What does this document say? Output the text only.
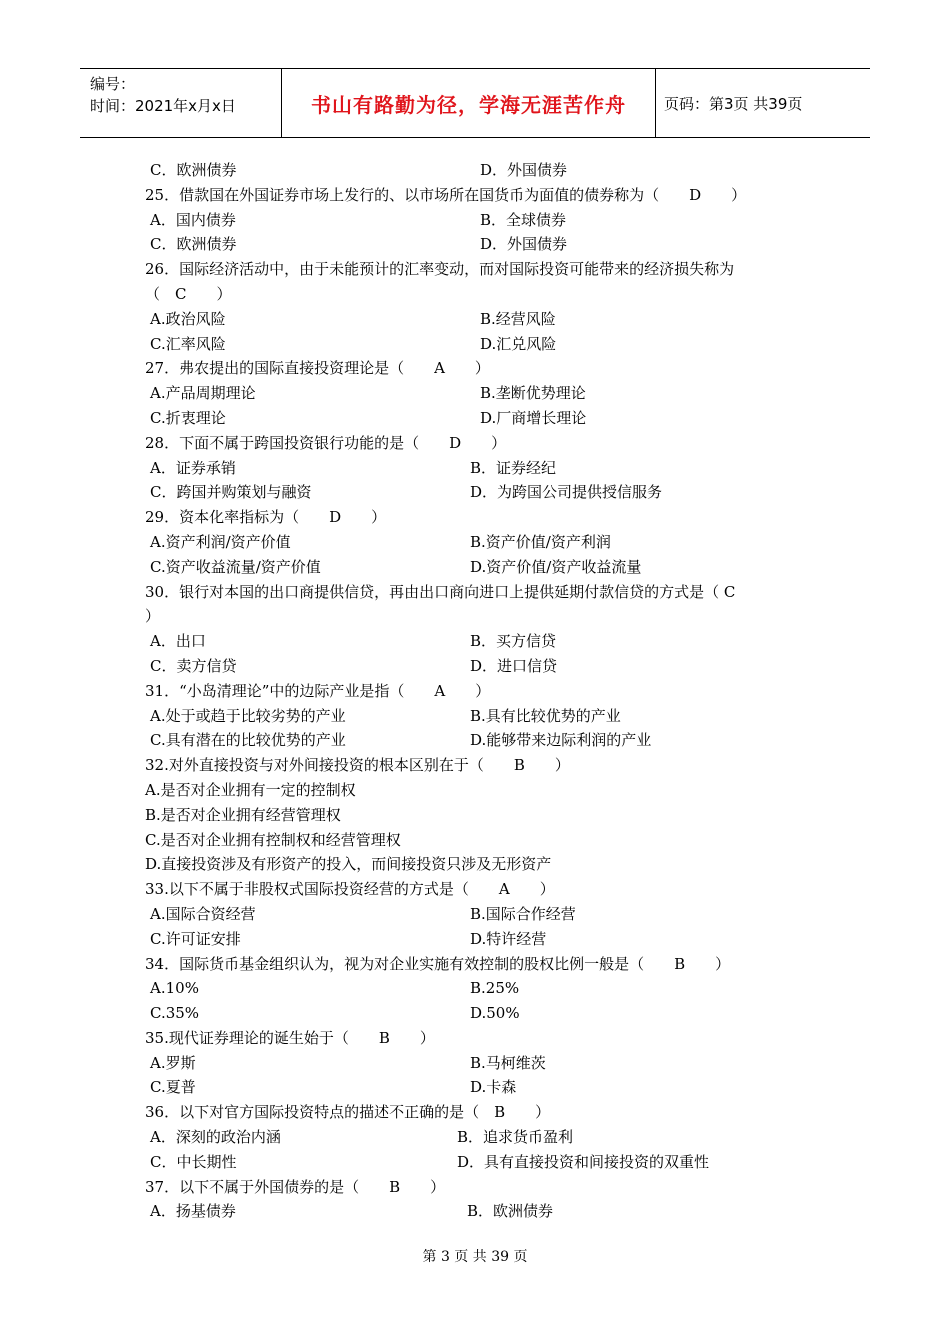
编号：
时间：2021年x月x日	书山有路勤为径，学海无涯苦作舟	页码：第3页 共39页
C．欧洲债券	D．外国债券
25．借款国在外国证券市场上发行的、以市场所在国货币为面值的债券称为（　　D　　）
A．国内债券	B．全球债券
C．欧洲债券	D．外国债券
26．国际经济活动中，由于未能预计的汇率变动，而对国际投资可能带来的经济损失称为
（　C　　）
A.政治风险	B.经营风险
C.汇率风险	D.汇兑风险
27．弗农提出的国际直接投资理论是（　　A　　）
A.产品周期理论	B.垄断优势理论
C.折衷理论	D.厂商增长理论
28．下面不属于跨国投资银行功能的是（　　D　　）
A．证券承销	B．证券经纪
C．跨国并购策划与融资	D．为跨国公司提供授信服务
29．资本化率指标为（　　D　　）
A.资产利润/资产价值	B.资产价值/资产利润
C.资产收益流量/资产价值	D.资产价值/资产收益流量
30．银行对本国的出口商提供信贷，再由出口商向进口上提供延期付款信贷的方式是（ C
）
A．出口	B．买方信贷
C．卖方信贷	D．进口信贷
31．“小岛清理论”中的边际产业是指（　　A　　）
A.处于或趋于比较劣势的产业	B.具有比较优势的产业
C.具有潜在的比较优势的产业	D.能够带来边际利润的产业
32.对外直接投资与对外间接投资的根本区别在于（　　B　　）
A.是否对企业拥有一定的控制权
B.是否对企业拥有经营管理权
C.是否对企业拥有控制权和经营管理权
D.直接投资涉及有形资产的投入，而间接投资只涉及无形资产
33.以下不属于非股权式国际投资经营的方式是（　　A　　）
A.国际合资经营	B.国际合作经营
C.许可证安排	D.特许经营
34．国际货币基金组织认为，视为对企业实施有效控制的股权比例一般是（　　B　　）
A.10%	B.25%
C.35%	D.50%
35.现代证券理论的诞生始于（　　B　　）
A.罗斯	B.马柯维茨
C.夏普	D.卡森
36．以下对官方国际投资特点的描述不正确的是（　B　　）
A．深刻的政治内涵	B．追求货币盈利
C．中长期性	D．具有直接投资和间接投资的双重性
37．以下不属于外国债券的是（　　B　　）
A．扬基债券	B．欧洲债券
第 3 页 共 39 页
